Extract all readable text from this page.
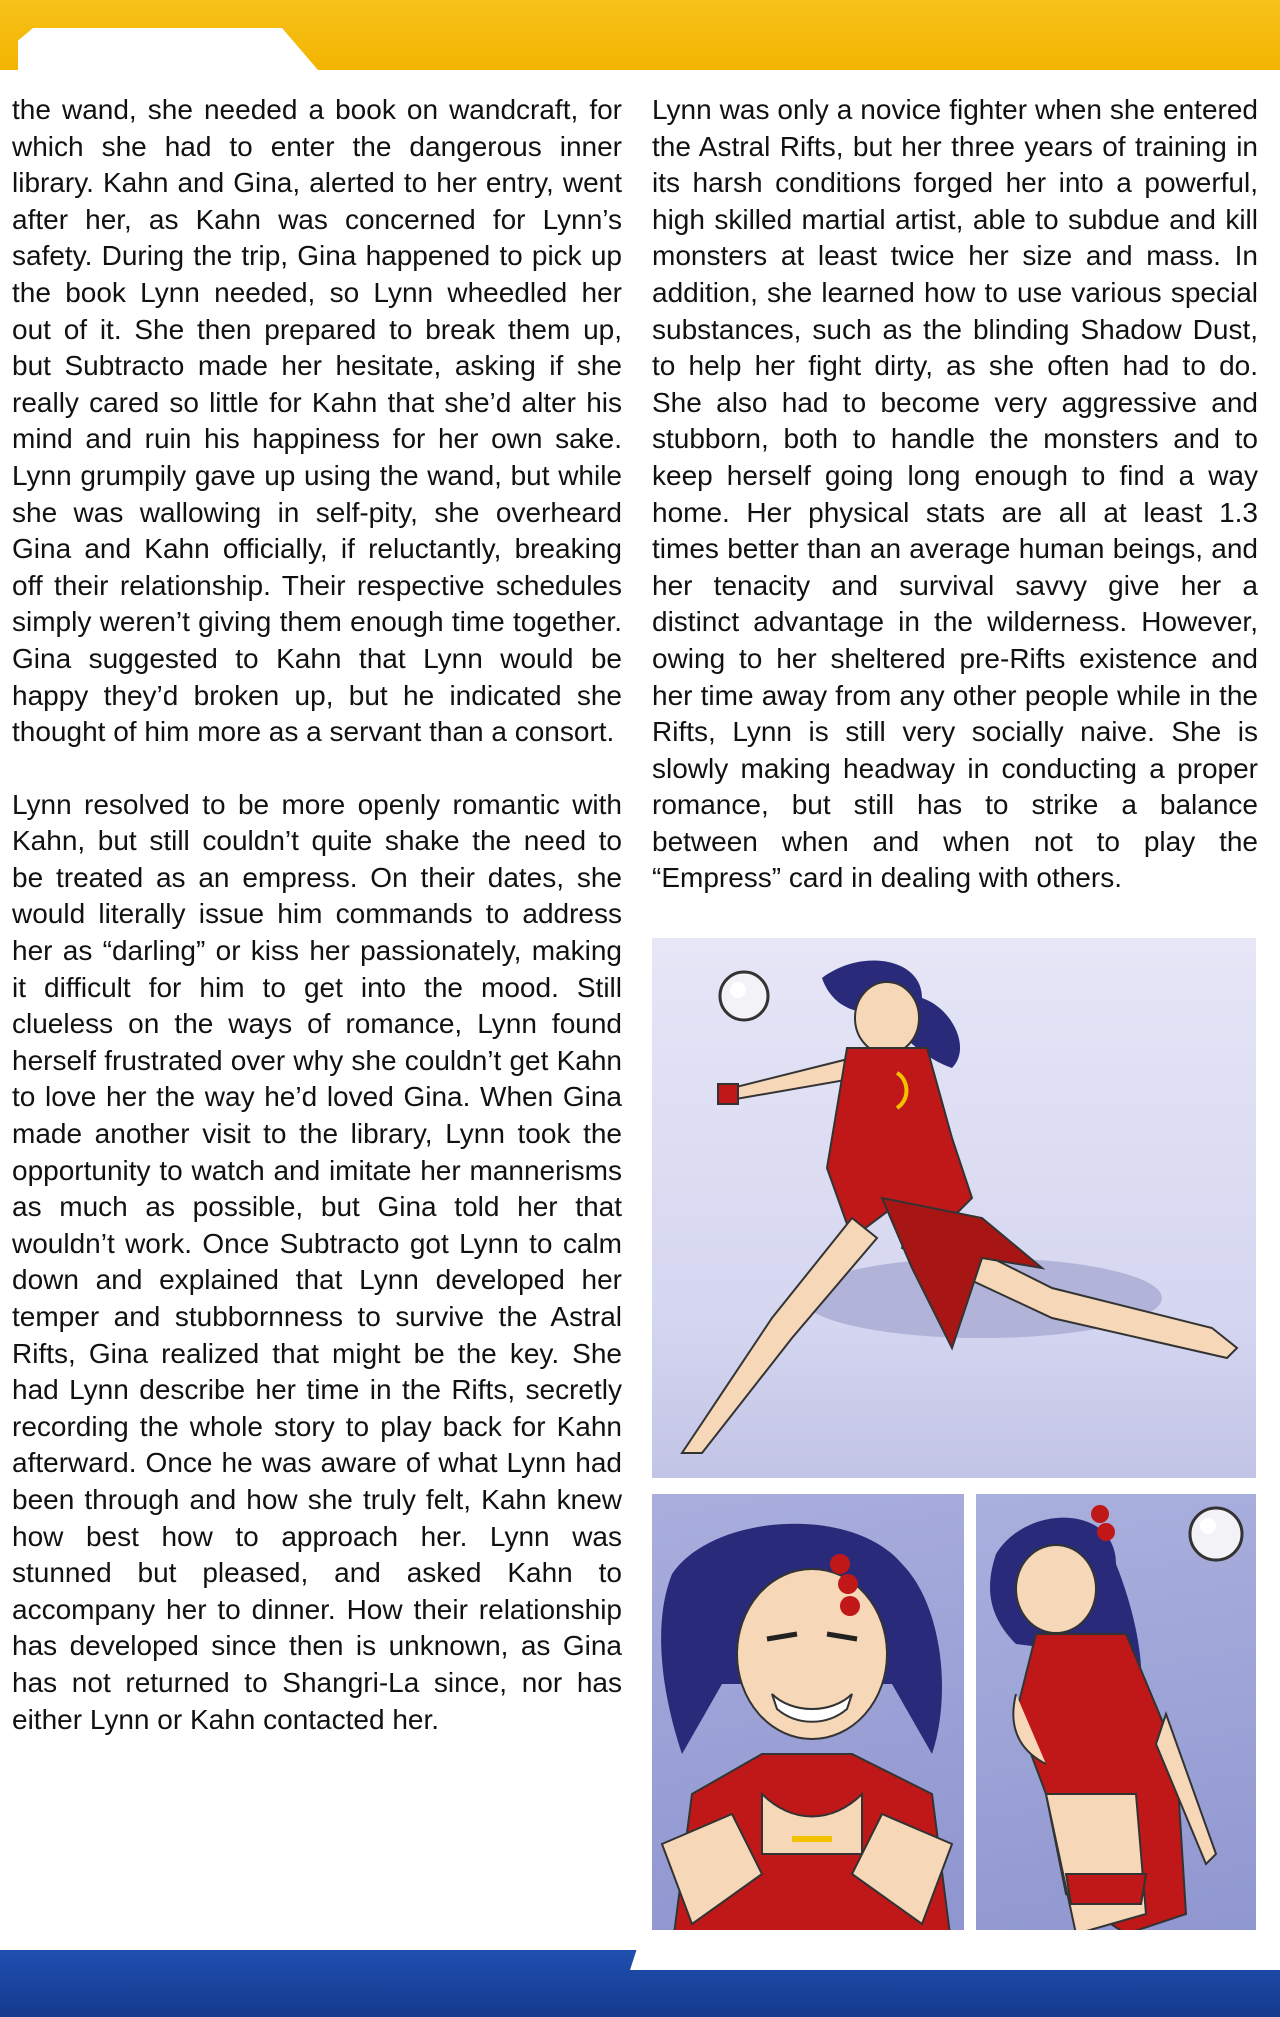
the wand, she needed a book on wandcraft, for which she had to enter the dangerous inner library. Kahn and Gina, alerted to her entry, went after her, as Kahn was concerned for Lynn’s safety. During the trip, Gina happened to pick up the book Lynn needed, so Lynn wheedled her out of it. She then prepared to break them up, but Subtracto made her hesitate, asking if she really cared so little for Kahn that she’d alter his mind and ruin his happiness for her own sake. Lynn grumpily gave up using the wand, but while she was wallowing in self-pity, she overheard Gina and Kahn officially, if reluctantly, breaking off their relationship. Their respective schedules simply weren’t giving them enough time together. Gina suggested to Kahn that Lynn would be happy they’d broken up, but he indicated she thought of him more as a servant than a consort.

Lynn resolved to be more openly romantic with Kahn, but still couldn’t quite shake the need to be treated as an empress. On their dates, she would literally issue him commands to address her as “darling” or kiss her passionately, making it difficult for him to get into the mood. Still clueless on the ways of romance, Lynn found herself frustrated over why she couldn’t get Kahn to love her the way he’d loved Gina. When Gina made another visit to the library, Lynn took the opportunity to watch and imitate her mannerisms as much as possible, but Gina told her that wouldn’t work. Once Subtracto got Lynn to calm down and explained that Lynn developed her temper and stubbornness to survive the Astral Rifts, Gina realized that might be the key. She had Lynn describe her time in the Rifts, secretly recording the whole story to play back for Kahn afterward. Once he was aware of what Lynn had been through and how she truly felt, Kahn knew how best how to approach her. Lynn was stunned but pleased, and asked Kahn to accompany her to dinner. How their relationship has developed since then is unknown, as Gina has not returned to Shangri-La since, nor has either Lynn or Kahn contacted her.

Lynn was only a novice fighter when she entered the Astral Rifts, but her three years of training in its harsh conditions forged her into a powerful, high skilled martial artist, able to subdue and kill monsters at least twice her size and mass. In addition, she learned how to use various special substances, such as the blinding Shadow Dust, to help her fight dirty, as she often had to do. She also had to become very aggressive and stubborn, both to handle the monsters and to keep herself going long enough to find a way home. Her physical stats are all at least 1.3 times better than an average human beings, and her tenacity and survival savvy give her a distinct advantage in the wilderness. However, owing to her sheltered pre-Rifts existence and her time away from any other people while in the Rifts, Lynn is still very socially naive. She is slowly making headway in conducting a proper romance, but still has to strike a balance between when and when not to play the “Empress” card in dealing with others.
